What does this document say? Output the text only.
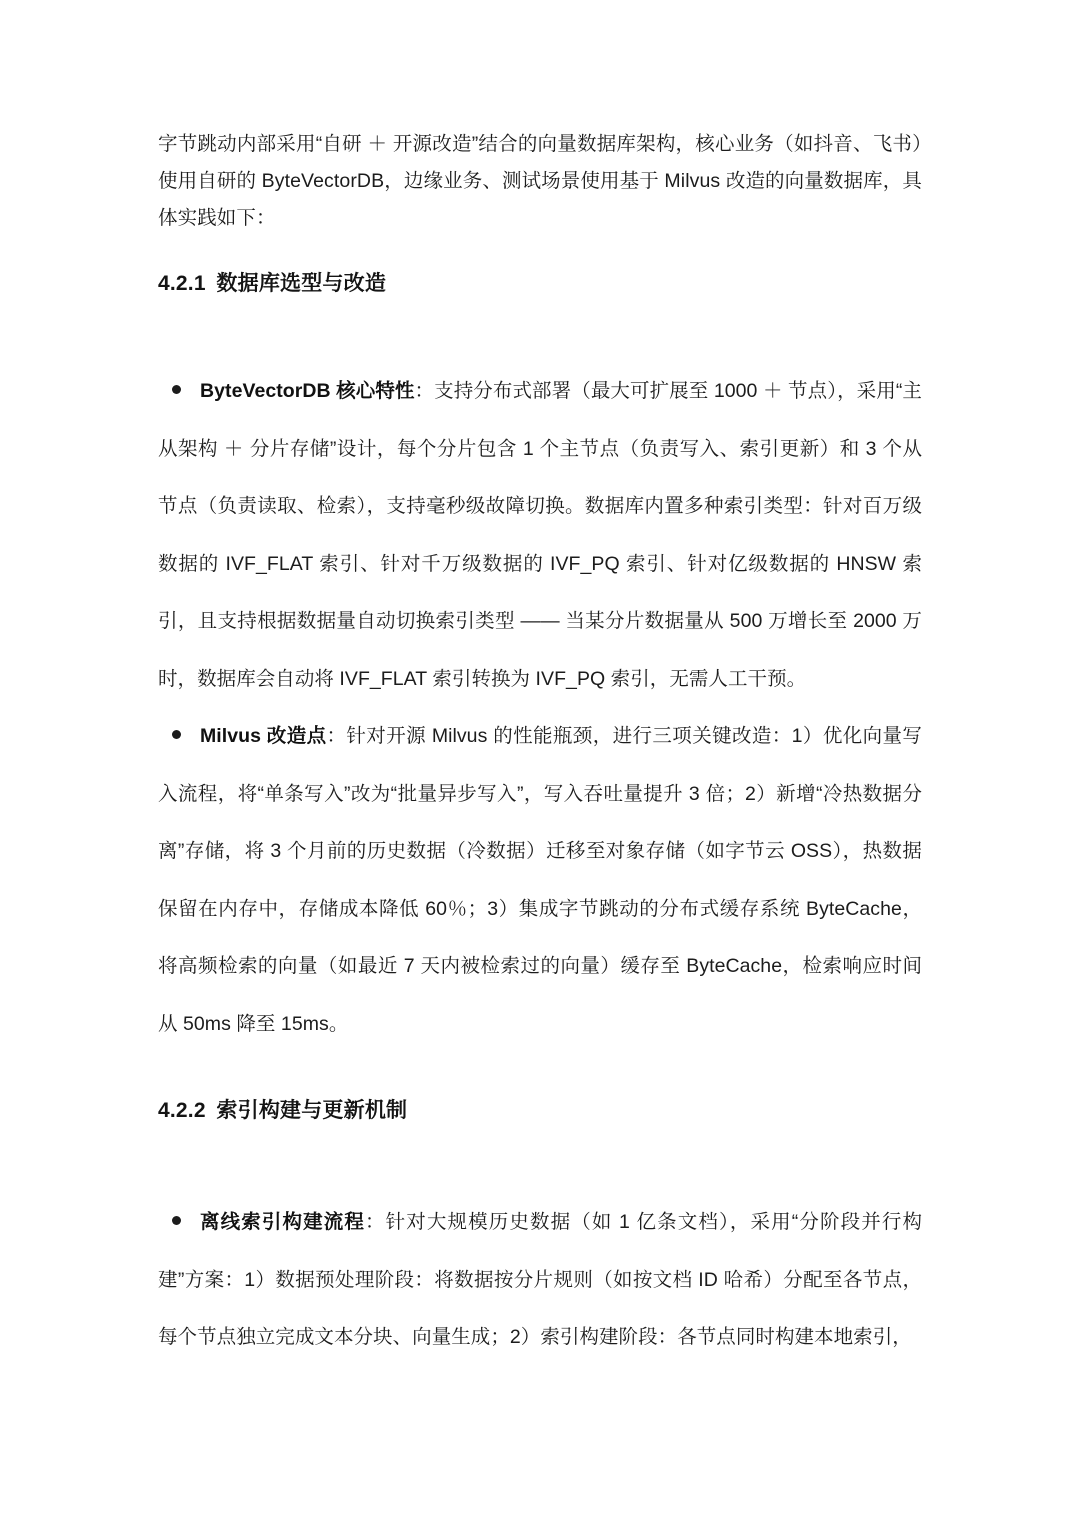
字节跳动内部采用“自研 ＋ 开源改造”结合的向量数据库架构，核心业务（如抖音、飞书）使用自研的 ByteVectorDB，边缘业务、测试场景使用基于 Milvus 改造的向量数据库，具体实践如下：

4.2.1 数据库选型与改造
ByteVectorDB 核心特性：支持分布式部署（最大可扩展至 1000 ＋ 节点），采用“主从架构 ＋ 分片存储”设计，每个分片包含 1 个主节点（负责写入、索引更新）和 3 个从节点（负责读取、检索），支持毫秒级故障切换。数据库内置多种索引类型：针对百万级数据的 IVF_FLAT 索引、针对千万级数据的 IVF_PQ 索引、针对亿级数据的 HNSW 索引，且支持根据数据量自动切换索引类型 —— 当某分片数据量从 500 万增长至 2000 万时，数据库会自动将 IVF_FLAT 索引转换为 IVF_PQ 索引，无需人工干预。
Milvus 改造点：针对开源 Milvus 的性能瓶颈，进行三项关键改造：1）优化向量写入流程，将“单条写入”改为“批量异步写入”，写入吞吐量提升 3 倍；2）新增“冷热数据分离”存储，将 3 个月前的历史数据（冷数据）迁移至对象存储（如字节云 OSS），热数据保留在内存中，存储成本降低 60％；3）集成字节跳动的分布式缓存系统 ByteCache，将高频检索的向量（如最近 7 天内被检索过的向量）缓存至 ByteCache，检索响应时间从 50ms 降至 15ms。
4.2.2 索引构建与更新机制
离线索引构建流程：针对大规模历史数据（如 1 亿条文档），采用“分阶段并行构建”方案：1）数据预处理阶段：将数据按分片规则（如按文档 ID 哈希）分配至各节点，每个节点独立完成文本分块、向量生成；2）索引构建阶段：各节点同时构建本地索引，
